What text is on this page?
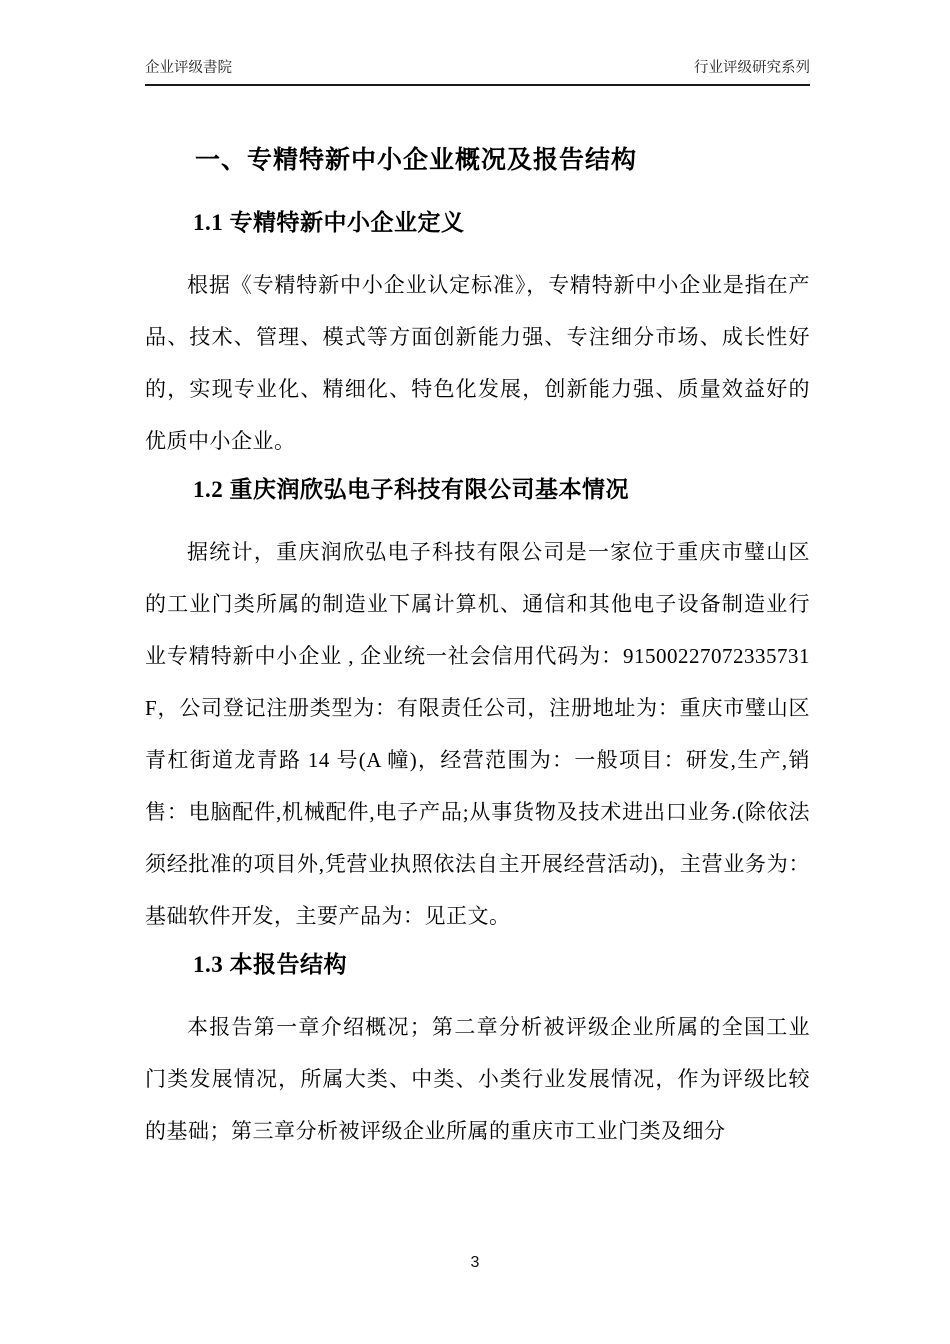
企业评级書院	行业评级研究系列
一、专精特新中小企业概况及报告结构
1.1 专精特新中小企业定义

根据《专精特新中小企业认定标准》，专精特新中小企业是指在产品、技术、管理、模式等方面创新能力强、专注细分市场、成长性好的，实现专业化、精细化、特色化发展，创新能力强、质量效益好的优质中小企业。

1.2 重庆润欣弘电子科技有限公司基本情况

据统计，重庆润欣弘电子科技有限公司是一家位于重庆市璧山区的工业门类所属的制造业下属计算机、通信和其他电子设备制造业行业专精特新中小企业 , 企业统一社会信用代码为：91500227072335731F，公司登记注册类型为：有限责任公司，注册地址为：重庆市璧山区青杠街道龙青路 14 号(A 幢)，经营范围为：一般项目：研发,生产,销售：电脑配件,机械配件,电子产品;从事货物及技术进出口业务.(除依法须经批准的项目外,凭营业执照依法自主开展经营活动)，主营业务为：基础软件开发，主要产品为：见正文。

1.3 本报告结构

本报告第一章介绍概况；第二章分析被评级企业所属的全国工业门类发展情况，所属大类、中类、小类行业发展情况，作为评级比较的基础；第三章分析被评级企业所属的重庆市工业门类及细分

3
